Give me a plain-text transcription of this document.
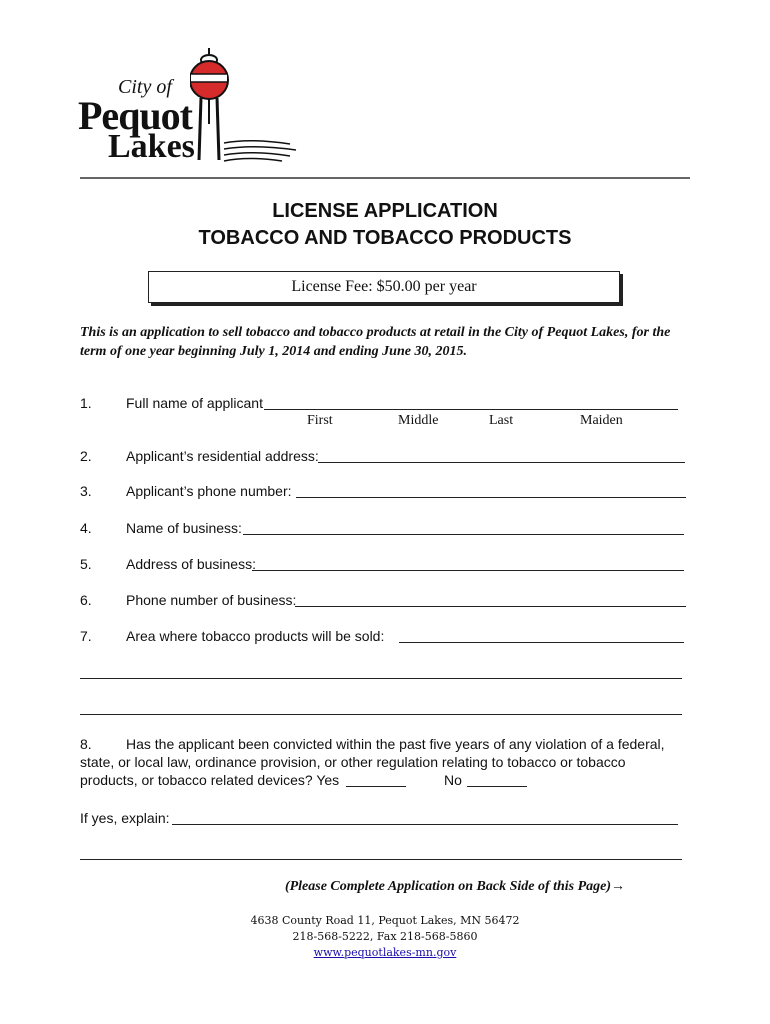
City of
Pequot
Lakes
LICENSE APPLICATION
TOBACCO AND TOBACCO PRODUCTS
License Fee: $50.00 per year
This is an application to sell tobacco and tobacco products at retail in the City of Pequot Lakes, for the term of one year beginning July 1, 2014 and ending June 30, 2015.
1. Full name of applicant
First	Middle	Last	Maiden
2. Applicant’s residential address:
3. Applicant’s phone number:
4. Name of business:
5. Address of business:
6. Phone number of business:
7. Area where tobacco products will be sold:
8. Has the applicant been convicted within the past five years of any violation of a federal,
state, or local law, ordinance provision, or other regulation relating to tobacco or tobacco
products, or tobacco related devices? Yes	No
If yes, explain:
(Please Complete Application on Back Side of this Page)→
4638 County Road 11, Pequot Lakes, MN 56472
218-568-5222, Fax 218-568-5860
www.pequotlakes-mn.gov
